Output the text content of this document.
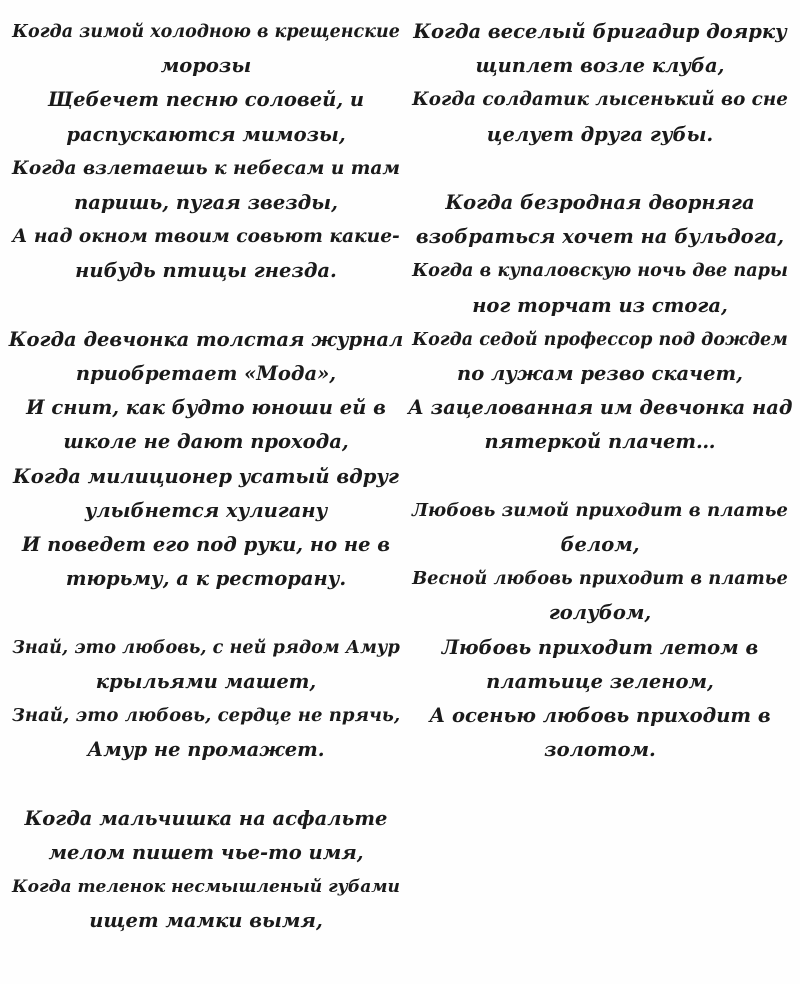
Когда зимой холодною в крещенские
морозы
Щебечет песню соловей, и
распускаются мимозы,
Когда взлетаешь к небесам и там
паришь, пугая звезды,
А над окном твоим совьют какие-
нибудь птицы гнезда.
Когда девчонка толстая журнал
приобретает «Мода»,
И снит, как будто юноши ей в
школе не дают прохода,
Когда милиционер усатый вдруг
улыбнется хулигану
И поведет его под руки, но не в
тюрьму, а к ресторану.
Знай, это любовь, с ней рядом Амур
крыльями машет,
Знай, это любовь, сердце не прячь,
Амур не промажет.
Когда мальчишка на асфальте
мелом пишет чье-то имя,
Когда теленок несмышленый губами
ищет мамки вымя,
Когда веселый бригадир доярку
щиплет возле клуба,
Когда солдатик лысенький во сне
целует друга губы.
Когда безродная дворняга
взобраться хочет на бульдога,
Когда в купаловскую ночь две пары
ног торчат из стога,
Когда седой профессор под дождем
по лужам резво скачет,
А зацелованная им девчонка над
пятеркой плачет…
Любовь зимой приходит в платье
белом,
Весной любовь приходит в платье
голубом,
Любовь приходит летом в
платьице зеленом,
А осенью любовь приходит в
золотом.
